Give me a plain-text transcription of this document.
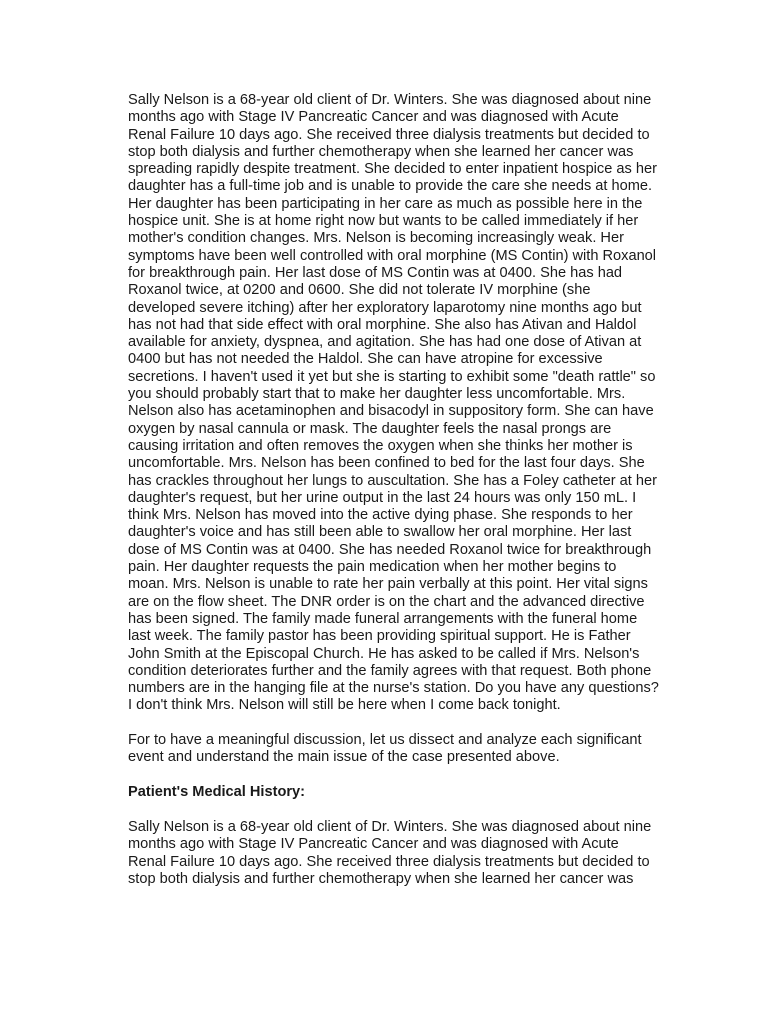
Sally Nelson is a 68-year old client of Dr. Winters. She was diagnosed about nine
months ago with Stage IV Pancreatic Cancer and was diagnosed with Acute
Renal Failure 10 days ago. She received three dialysis treatments but decided to
stop both dialysis and further chemotherapy when she learned her cancer was
spreading rapidly despite treatment. She decided to enter inpatient hospice as her
daughter has a full-time job and is unable to provide the care she needs at home.
Her daughter has been participating in her care as much as possible here in the
hospice unit. She is at home right now but wants to be called immediately if her
mother's condition changes. Mrs. Nelson is becoming increasingly weak. Her
symptoms have been well controlled with oral morphine (MS Contin) with Roxanol
for breakthrough pain. Her last dose of MS Contin was at 0400. She has had
Roxanol twice, at 0200 and 0600. She did not tolerate IV morphine (she
developed severe itching) after her exploratory laparotomy nine months ago but
has not had that side effect with oral morphine. She also has Ativan and Haldol
available for anxiety, dyspnea, and agitation. She has had one dose of Ativan at
0400 but has not needed the Haldol. She can have atropine for excessive
secretions. I haven't used it yet but she is starting to exhibit some "death rattle" so
you should probably start that to make her daughter less uncomfortable. Mrs.
Nelson also has acetaminophen and bisacodyl in suppository form. She can have
oxygen by nasal cannula or mask. The daughter feels the nasal prongs are
causing irritation and often removes the oxygen when she thinks her mother is
uncomfortable. Mrs. Nelson has been confined to bed for the last four days. She
has crackles throughout her lungs to auscultation. She has a Foley catheter at her
daughter's request, but her urine output in the last 24 hours was only 150 mL. I
think Mrs. Nelson has moved into the active dying phase. She responds to her
daughter's voice and has still been able to swallow her oral morphine. Her last
dose of MS Contin was at 0400. She has needed Roxanol twice for breakthrough
pain. Her daughter requests the pain medication when her mother begins to
moan. Mrs. Nelson is unable to rate her pain verbally at this point. Her vital signs
are on the flow sheet. The DNR order is on the chart and the advanced directive
has been signed. The family made funeral arrangements with the funeral home
last week. The family pastor has been providing spiritual support. He is Father
John Smith at the Episcopal Church. He has asked to be called if Mrs. Nelson's
condition deteriorates further and the family agrees with that request. Both phone
numbers are in the hanging file at the nurse's station. Do you have any questions?
I don't think Mrs. Nelson will still be here when I come back tonight.
For to have a meaningful discussion, let us dissect and analyze each significant
event and understand the main issue of the case presented above.
Patient's Medical History:
Sally Nelson is a 68-year old client of Dr. Winters. She was diagnosed about nine
months ago with Stage IV Pancreatic Cancer and was diagnosed with Acute
Renal Failure 10 days ago. She received three dialysis treatments but decided to
stop both dialysis and further chemotherapy when she learned her cancer was
